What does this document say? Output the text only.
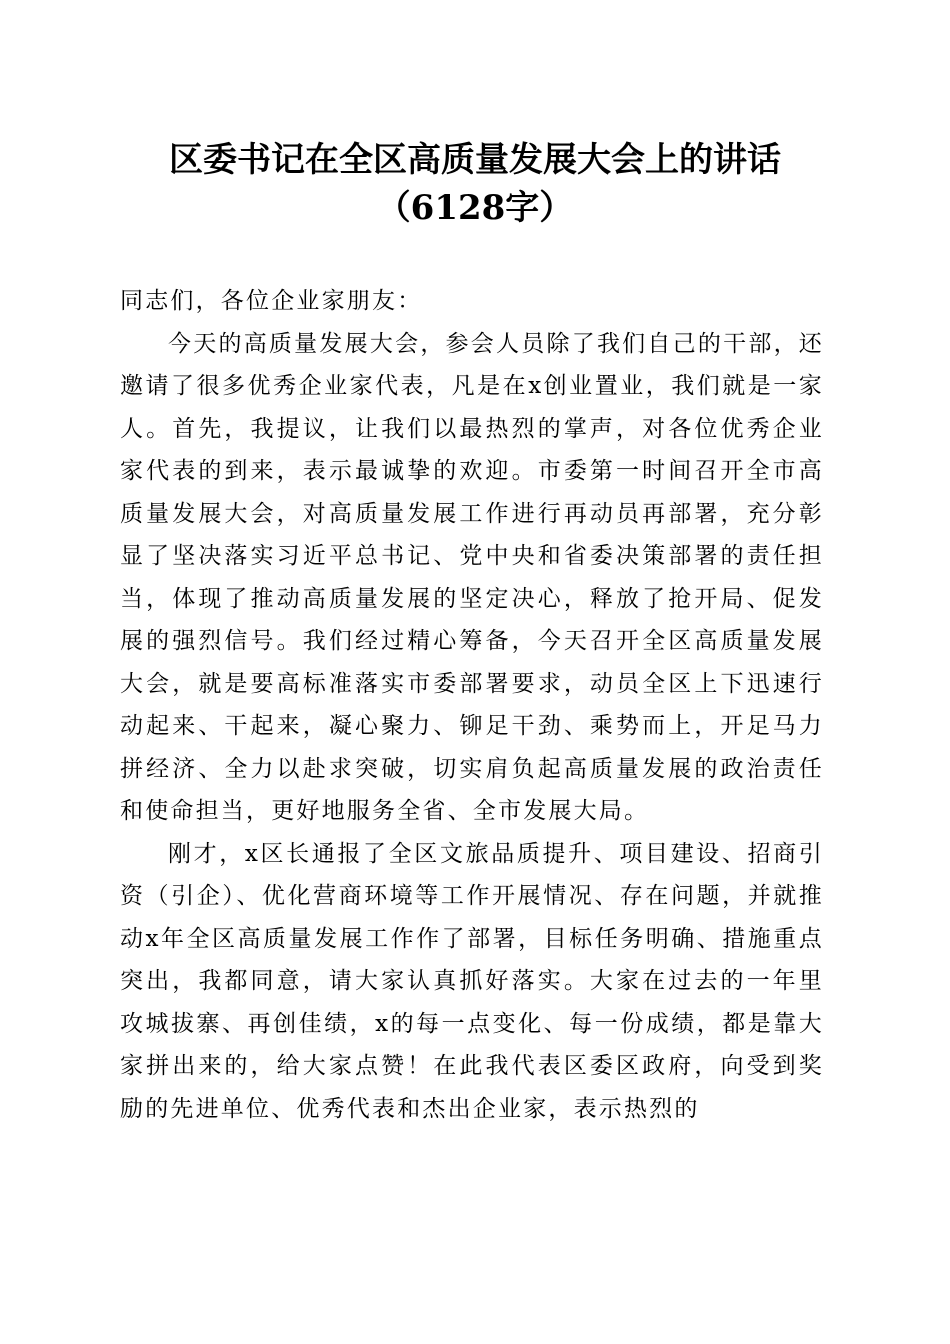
区委书记在全区高质量发展大会上的讲话
（6128字）

同志们，各位企业家朋友：

今天的高质量发展大会，参会人员除了我们自己的干部，还邀请了很多优秀企业家代表，凡是在x创业置业，我们就是一家人。首先，我提议，让我们以最热烈的掌声，对各位优秀企业家代表的到来，表示最诚挚的欢迎。市委第一时间召开全市高质量发展大会，对高质量发展工作进行再动员再部署，充分彰显了坚决落实习近平总书记、党中央和省委决策部署的责任担当，体现了推动高质量发展的坚定决心，释放了抢开局、促发展的强烈信号。我们经过精心筹备，今天召开全区高质量发展大会，就是要高标准落实市委部署要求，动员全区上下迅速行动起来、干起来，凝心聚力、铆足干劲、乘势而上，开足马力拼经济、全力以赴求突破，切实肩负起高质量发展的政治责任和使命担当，更好地服务全省、全市发展大局。

刚才，x区长通报了全区文旅品质提升、项目建设、招商引资（引企）、优化营商环境等工作开展情况、存在问题，并就推动x年全区高质量发展工作作了部署，目标任务明确、措施重点突出，我都同意，请大家认真抓好落实。大家在过去的一年里攻城拔寨、再创佳绩，x的每一点变化、每一份成绩，都是靠大家拼出来的，给大家点赞！在此我代表区委区政府，向受到奖励的先进单位、优秀代表和杰出企业家，表示热烈的
